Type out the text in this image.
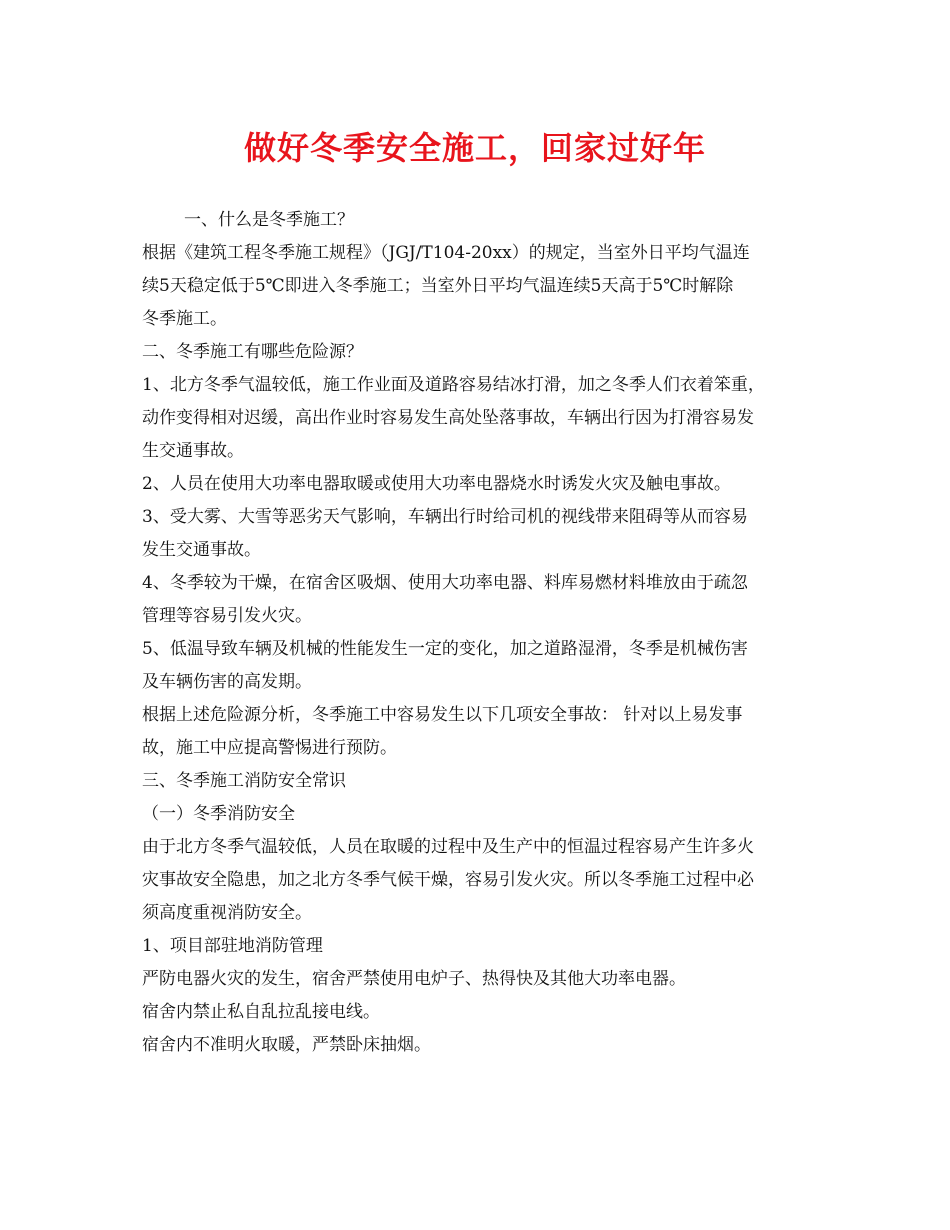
做好冬季安全施工，回家过好年

一、什么是冬季施工？

根据《建筑工程冬季施工规程》（JGJ/T104-20xx）的规定，当室外日平均气温连

续5天稳定低于5℃即进入冬季施工；当室外日平均气温连续5天高于5℃时解除

冬季施工。

二、冬季施工有哪些危险源？

1、北方冬季气温较低，施工作业面及道路容易结冰打滑，加之冬季人们衣着笨重，

动作变得相对迟缓，高出作业时容易发生高处坠落事故，车辆出行因为打滑容易发

生交通事故。

2、人员在使用大功率电器取暖或使用大功率电器烧水时诱发火灾及触电事故。

3、受大雾、大雪等恶劣天气影响，车辆出行时给司机的视线带来阻碍等从而容易

发生交通事故。

4、冬季较为干燥，在宿舍区吸烟、使用大功率电器、料库易燃材料堆放由于疏忽

管理等容易引发火灾。

5、低温导致车辆及机械的性能发生一定的变化，加之道路湿滑，冬季是机械伤害

及车辆伤害的高发期。

根据上述危险源分析，冬季施工中容易发生以下几项安全事故： 针对以上易发事

故，施工中应提高警惕进行预防。

三、冬季施工消防安全常识

（一）冬季消防安全

由于北方冬季气温较低，人员在取暖的过程中及生产中的恒温过程容易产生许多火

灾事故安全隐患，加之北方冬季气候干燥，容易引发火灾。所以冬季施工过程中必

须高度重视消防安全。

1、项目部驻地消防管理

严防电器火灾的发生，宿舍严禁使用电炉子、热得快及其他大功率电器。

宿舍内禁止私自乱拉乱接电线。

宿舍内不准明火取暖，严禁卧床抽烟。
